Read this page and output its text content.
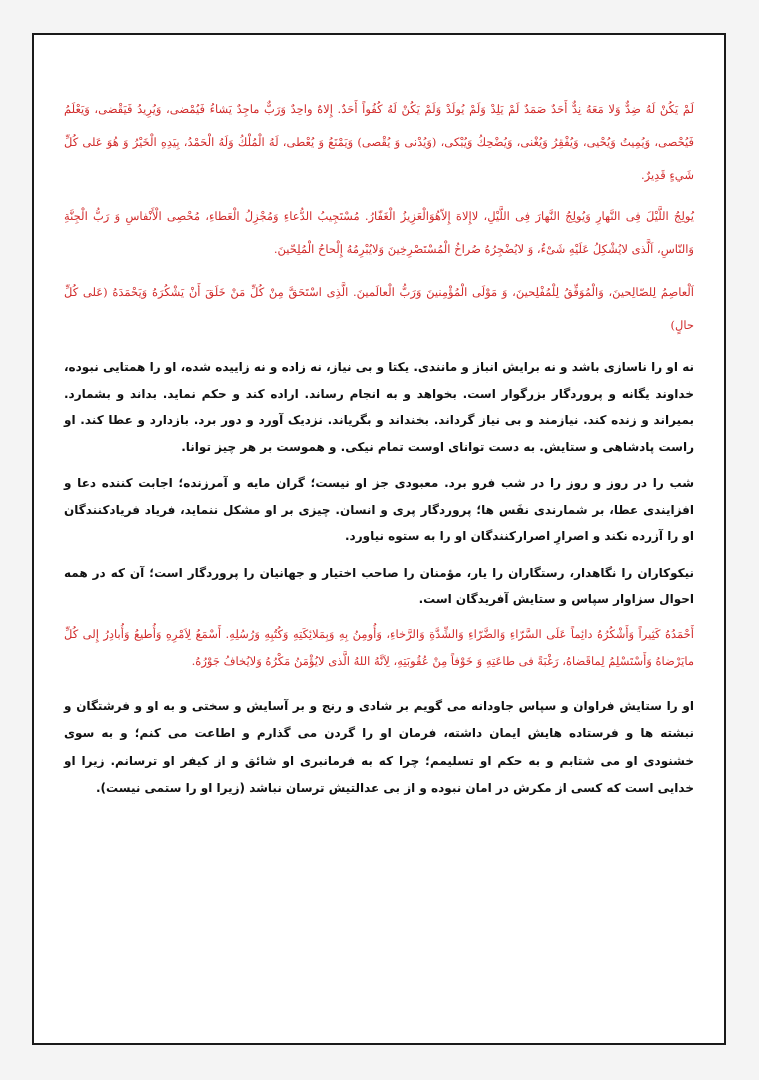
لَمْ يَكُنْ لَهُ ضِدٌّ وَلا مَعَهُ نِدٌّ أَحَدٌ صَمَدٌ لَمْ يَلِدْ وَلَمْ يُولَدْ وَلَمْ يَكُنْ لَهُ كُفُواً أَحَدٌ. إِلاهٌ واحِدٌ وَرَبٌّ ماجِدٌ يَشاءُ فَيُمْضى، وَيُرِيدُ فَيَقْضى، وَيَعْلَمُ فَيُحْصى، وَيُمِيتُ وَيُحْيى، وَيُفْقِرُ وَيُغْنى، وَيُضْحِكُ وَيُبْكى، (وَيُدْنى وَ يُقْصى) وَيَمْنَعُ وَ يُعْطى، لَهُ الْمُلْكُ وَلَهُ الْحَمْدُ، بِيَدِهِ الْخَيْرُ وَ هُوَ عَلى كُلِّ شَيءٍ قَدِيرٌ.

يُولِجُ اللَّيْلَ فِى النَّهارِ وَيُولِجُ النَّهارَ فِى اللَّيْلِ، لاإِلاهَ إِلاّهُوَالْعَزِيزُ الْغَفّارُ. مُسْتَجِيبُ الدُّعاءِ وَمُجْزِلُ الْعَطاءِ، مُحْصِى الْأَنْفاسِ وَ رَبُّ الْجِنَّةِ وَالنّاسِ، اَلَّذى لايُشْكِلُ عَلَيْهِ شَىْءٌ، وَ لايُضْجِرُهُ صُراخُ الْمُسْتَصْرِخِينَ وَلايُبْرِمُهُ إِلْحاحُ الْمُلِحّينَ.

اَلْعاصِمُ لِلصّالِحينَ، وَالْمُوَفِّقُ لِلْمُفْلِحينَ، وَ مَوْلَى الْمُؤْمِنينَ وَرَبُّ الْعالَمينَ. الَّذِى اسْتَحَقَّ مِنْ كُلِّ مَنْ خَلَقَ أَنْ يَشْكُرَهُ وَيَحْمَدَهُ (عَلى كُلِّ حالٍ)

نه او را ناسازی باشد و نه برایش انباز و مانندی. یکتا و بی نیاز، نه زاده و نه زاییده شده، او را همتایی نبوده، خداوند یگانه و پروردگار بزرگوار است. بخواهد و به انجام رساند. اراده کند و حکم نماید. بداند و بشمارد. بمیراند و زنده کند. نیازمند و بی نیاز گرداند. بخنداند و بگریاند. نزدیک آورد و دور برد. بازدارد و عطا کند. او راست پادشاهی و ستایش. به دست توانای اوست تمام نیکی. و هموست بر هر چیز توانا.

شب را در روز و روز را در شب فرو برد. معبودی جز او نیست؛ گران مایه و آمرزنده؛ اجابت کننده دعا و افزایندی عطا، بر شمارندی نفَس ها؛ پروردگار پری و انسان. چیزی بر او مشکل ننماید، فریاد فریادکنندگان او را آزرده نکند و اصرارِ اصرارکنندگان او را به ستوه نیاورد.

نیکوکاران را نگاهدار، رستگاران را یار، مؤمنان را صاحب اختیار و جهانیان را پروردگار است؛ آن که در همه احوال سزاوار سپاس و ستایش آفریدگان است.

أَحْمَدُهُ كَثِيراً وَأَشْكُرُهُ دائِماً عَلَى السَّرّاءِ وَالضَّرّاءِ وَالشِّدَّةِ وَالرَّخاءِ، وَأُومِنُ بِهِ وَبِمَلائِكَتِهِ وَكُتُبِهِ وَرُسُلِهِ. أَسْمَعُ لِاَمْرِهِ وَأُطيعُ وَأُبادِرُ إِلى كُلِّ مايَرْضاهُ وَأَسْتَسْلِمُ لِماقَضاهُ، رَغْبَةً فى طاعَتِهِ وَ خَوْفاً مِنْ عُقُوبَتِهِ، لِاَنَّهُ اللهُ الَّذى لايُؤْمَنُ مَكْرُهُ وَلايُخافُ جَوْرُهُ.

او را ستایش فراوان و سپاس جاودانه می گویم بر شادی و رنج و بر آسایش و سختی و به او و فرشتگان و نبشته ها و فرستاده هایش ایمان داشته، فرمان او را گردن می گذارم و اطاعت می کنم؛ و به سوی خشنودی او می شتابم و به حکم او تسلیمم؛ چرا که به فرمانبری او شائق و از کیفر او ترسانم. زیرا او خدایی است که کسی از مکرش در امان نبوده و از بی عدالتیش ترسان نباشد (زیرا او را ستمی نیست).
